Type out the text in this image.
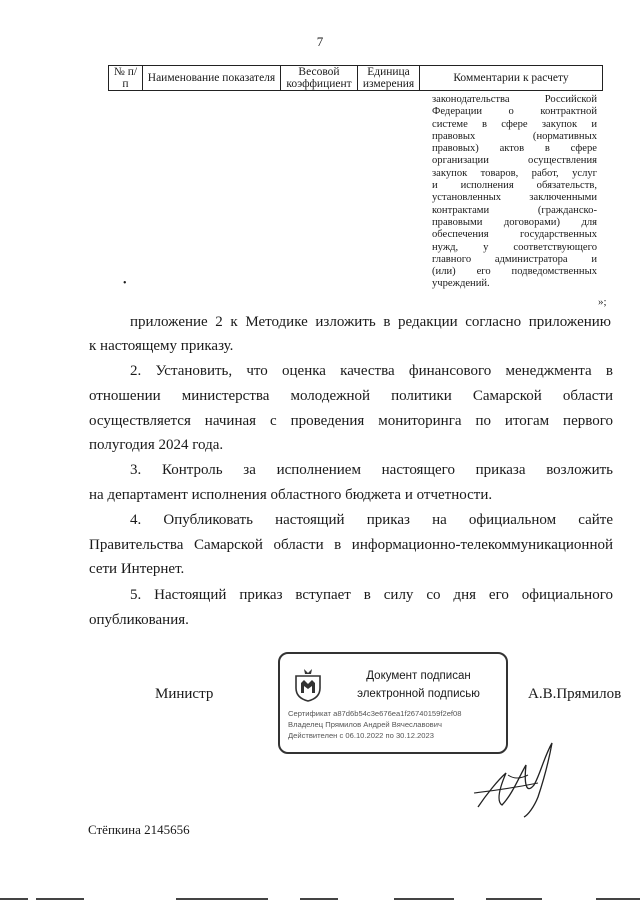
7
№ п/п	Наименование показателя	Весовой коэффициент	Единица измерения	Комментарии к расчету
законодательства Российской
Федерации о контрактной
системе в сфере закупок и
правовых (нормативных
правовых) актов в сфере
организации осуществления
закупок товаров, работ, услуг
и исполнения обязательств,
установленных заключенными
контрактами (гражданско-
правовыми договорами) для
обеспечения государственных
нужд, у соответствующего
главного администратора и
(или) его подведомственных
учреждений.
»;
•

приложение 2 к Методике изложить в редакции согласно приложению

к настоящему приказу.

2. Установить, что оценка качества финансового менеджмента в

отношении министерства молодежной политики Самарской области

осуществляется начиная с проведения мониторинга по итогам первого

полугодия 2024 года.

3. Контроль за исполнением настоящего приказа возложить

на департамент исполнения областного бюджета и отчетности.

4. Опубликовать настоящий приказ на официальном сайте

Правительства Самарской области в информационно-телекоммуникационной

сети Интернет.

5. Настоящий приказ вступает в силу со дня его официального

опубликования.

Министр	А.В.Прямилов
Документ подписан
электронной подписью
Сертификат a87d6b54c3e676ea1f26740159f2ef08
Владелец Прямилов Андрей Вячеславович
Действителен с 06.10.2022 по 30.12.2023
Стёпкина 2145656
